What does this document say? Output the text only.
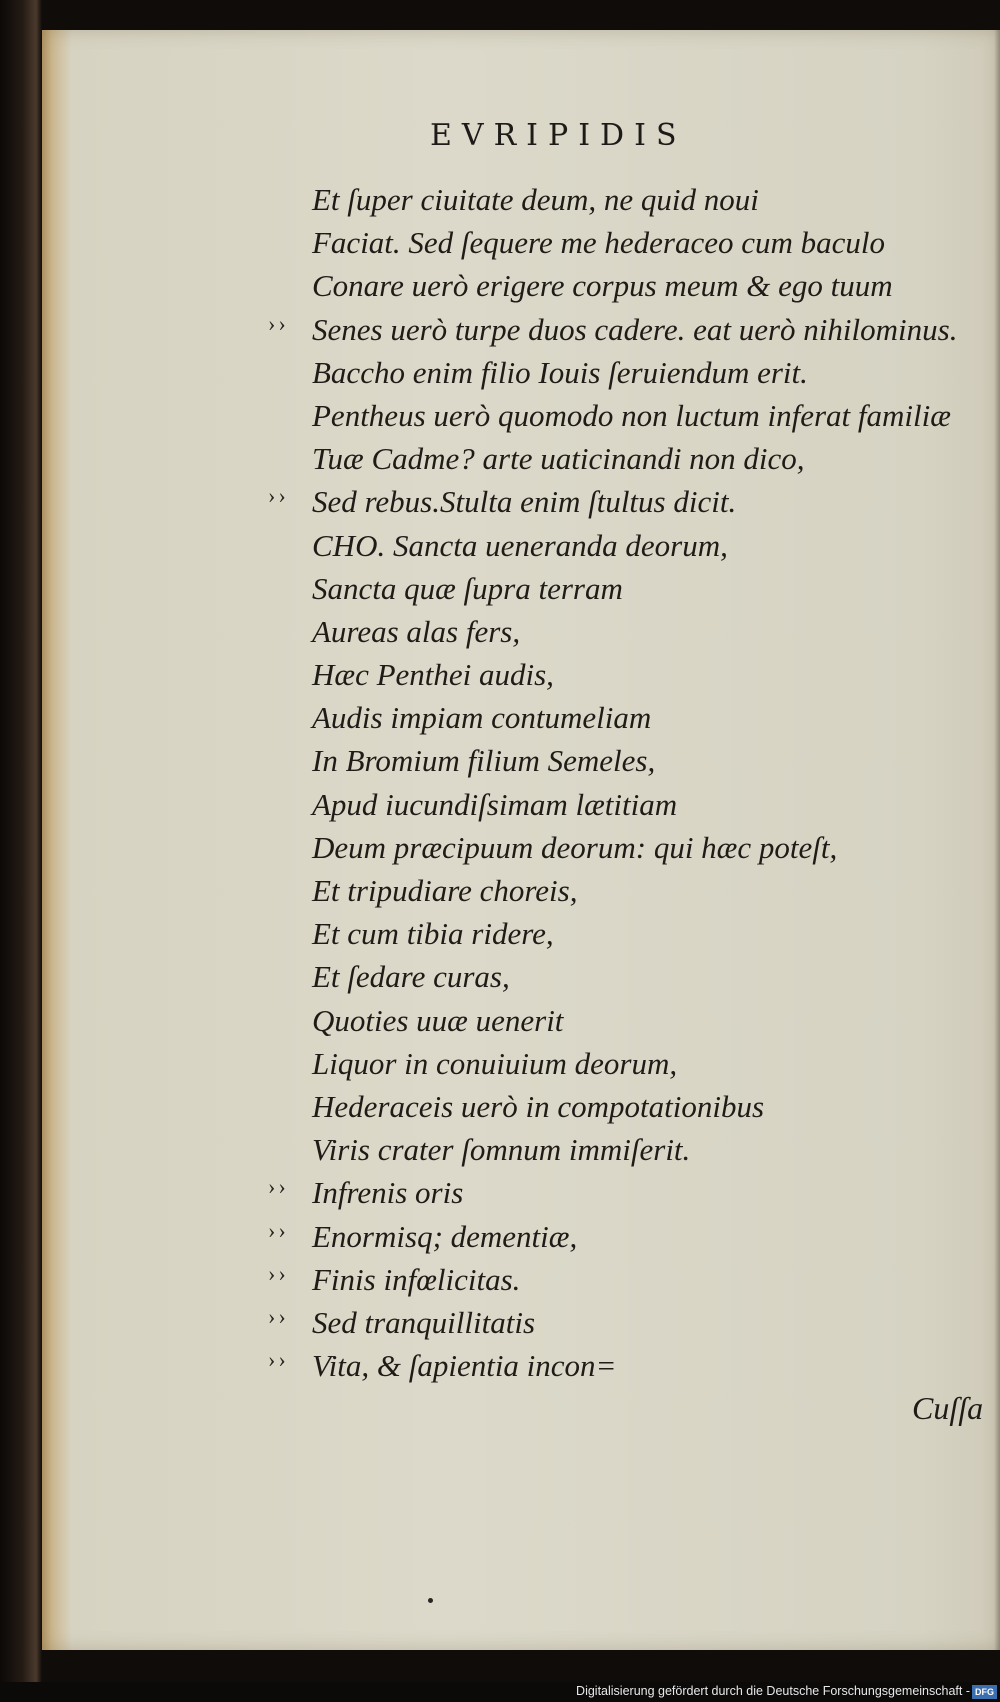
EVRIPIDIS
Et ſuper ciuitate deum, ne quid noui
Faciat. Sed ſequere me hederaceo cum baculo
Conare uerò erigere corpus meum & ego tuum
Senes uerò turpe duos cadere. eat uerò nihilominus.
››
Baccho enim filio Iouis ſeruiendum erit.
Pentheus uerò quomodo non luctum inferat familiæ
Tuæ Cadme? arte uaticinandi non dico,
Sed rebus.Stulta enim ſtultus dicit.
››
CHO. Sancta ueneranda deorum,
Sancta quæ ſupra terram
Aureas alas fers,
Hæc Penthei audis,
Audis impiam contumeliam
In Bromium filium Semeles,
Apud iucundiſsimam lætitiam
Deum præcipuum deorum: qui hæc poteſt,
Et tripudiare choreis,
Et cum tibia ridere,
Et ſedare curas,
Quoties uuæ uenerit
Liquor in conuiuium deorum,
Hederaceis uerò in compotationibus
Viris crater ſomnum immiſerit.
Infrenis oris
››
Enormisq; dementiæ,
››
Finis infœlicitas.
››
Sed tranquillitatis
››
Vita, & ſapientia incon=
››
Cuſſa
Digitalisierung gefördert durch die Deutsche Forschungsgemeinschaft - DFG
